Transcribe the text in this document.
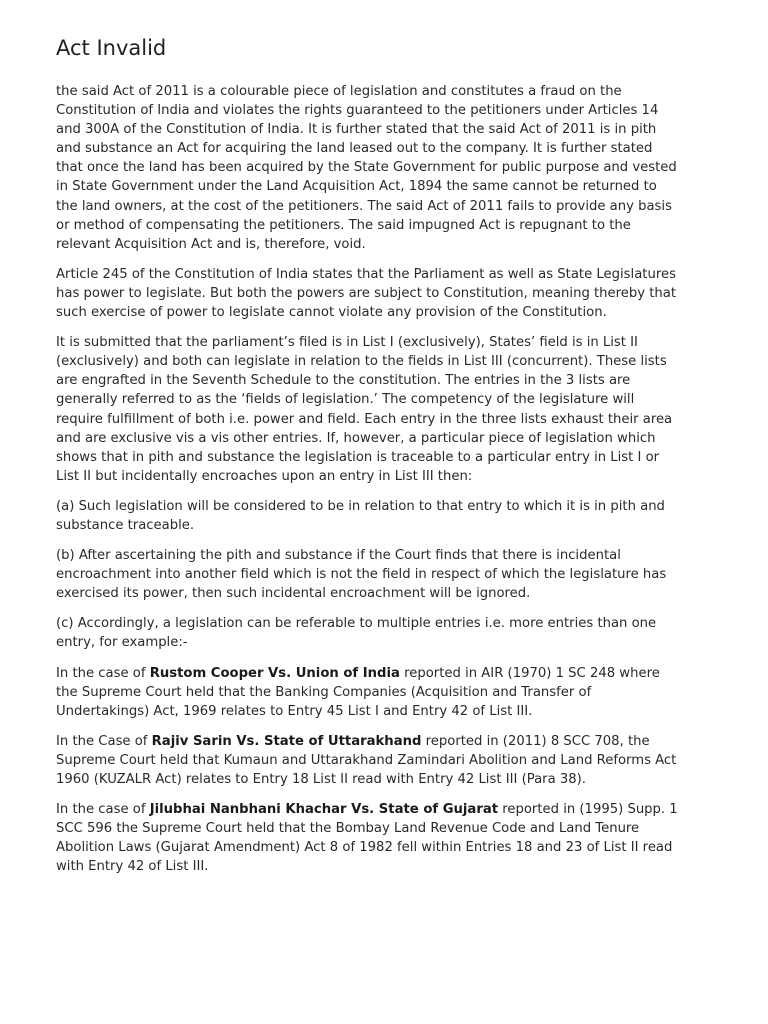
Act Invalid

the said Act of 2011 is a colourable piece of legislation and constitutes a fraud on the Constitution of India and violates the rights guaranteed to the petitioners under Articles 14 and 300A of the Constitution of India. It is further stated that the said Act of 2011 is in pith and substance an Act for acquiring the land leased out to the company. It is further stated that once the land has been acquired by the State Government for public purpose and vested in State Government under the Land Acquisition Act, 1894 the same cannot be returned to the land owners, at the cost of the petitioners. The said Act of 2011 fails to provide any basis or method of compensating the petitioners. The said impugned Act is repugnant to the relevant Acquisition Act and is, therefore, void.

Article 245 of the Constitution of India states that the Parliament as well as State Legislatures has power to legislate. But both the powers are subject to Constitution, meaning thereby that such exercise of power to legislate cannot violate any provision of the Constitution.

It is submitted that the parliament’s filed is in List I (exclusively), States’ field is in List II (exclusively) and both can legislate in relation to the fields in List III (concurrent). These lists are engrafted in the Seventh Schedule to the constitution. The entries in the 3 lists are generally referred to as the ‘fields of legislation.’ The competency of the legislature will require fulfillment of both i.e. power and field. Each entry in the three lists exhaust their area and are exclusive vis a vis other entries. If, however, a particular piece of legislation which shows that in pith and substance the legislation is traceable to a particular entry in List I or List II but incidentally encroaches upon an entry in List III then:

(a) Such legislation will be considered to be in relation to that entry to which it is in pith and substance traceable.

(b) After ascertaining the pith and substance if the Court finds that there is incidental encroachment into another field which is not the field in respect of which the legislature has exercised its power, then such incidental encroachment will be ignored.

(c) Accordingly, a legislation can be referable to multiple entries i.e. more entries than one entry, for example:-

In the case of Rustom Cooper Vs. Union of India reported in AIR (1970) 1 SC 248 where the Supreme Court held that the Banking Companies (Acquisition and Transfer of Undertakings) Act, 1969 relates to Entry 45 List I and Entry 42 of List III.

In the Case of Rajiv Sarin Vs. State of Uttarakhand reported in (2011) 8 SCC 708, the Supreme Court held that Kumaun and Uttarakhand Zamindari Abolition and Land Reforms Act 1960 (KUZALR Act) relates to Entry 18 List II read with Entry 42 List III (Para 38).

In the case of Jilubhai Nanbhani Khachar Vs. State of Gujarat reported in (1995) Supp. 1 SCC 596 the Supreme Court held that the Bombay Land Revenue Code and Land Tenure Abolition Laws (Gujarat Amendment) Act 8 of 1982 fell within Entries 18 and 23 of List II read with Entry 42 of List III.
